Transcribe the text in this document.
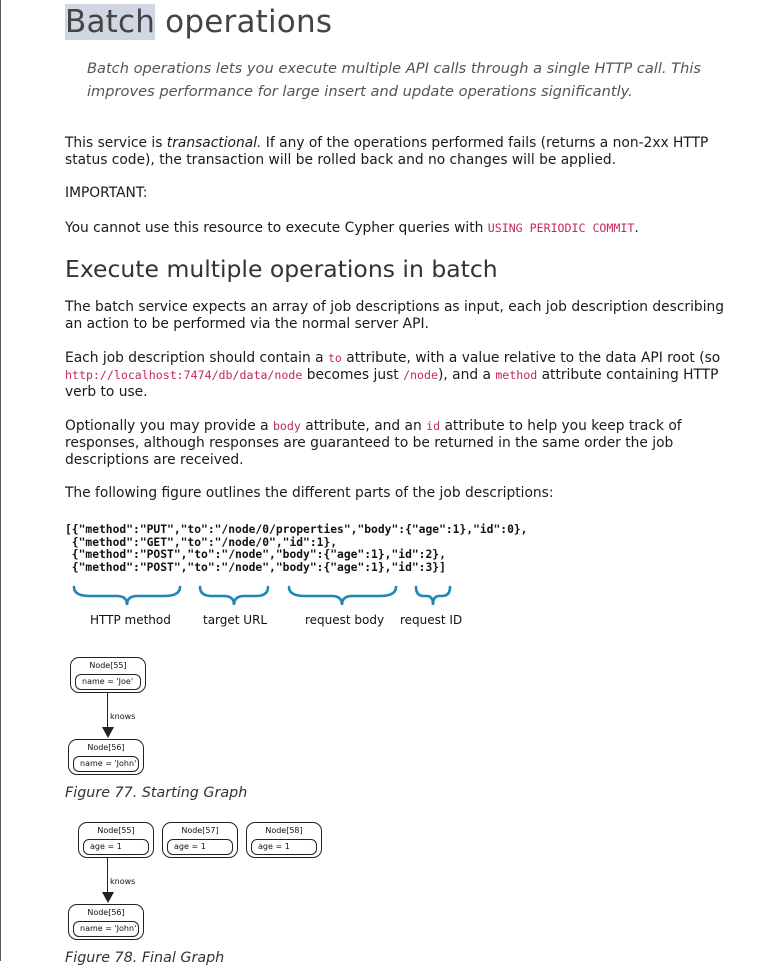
Batch operations

Batch operations lets you execute multiple API calls through a single HTTP call. This improves performance for large insert and update operations significantly.

This service is transactional. If any of the operations performed fails (returns a non-2xx HTTP status code), the transaction will be rolled back and no changes will be applied.

IMPORTANT:

You cannot use this resource to execute Cypher queries with USING PERIODIC COMMIT.

Execute multiple operations in batch

The batch service expects an array of job descriptions as input, each job description describing an action to be performed via the normal server API.

Each job description should contain a to attribute, with a value relative to the data API root (so http://localhost:7474/db/data/node becomes just /node), and a method attribute containing HTTP verb to use.

Optionally you may provide a body attribute, and an id attribute to help you keep track of responses, although responses are guaranteed to be returned in the same order the job descriptions are received.

The following figure outlines the different parts of the job descriptions:

[{"method":"PUT","to":"/node/0/properties","body":{"age":1},"id":0},
{"method":"GET","to":"/node/0","id":1},
{"method":"POST","to":"/node","body":{"age":1},"id":2},
{"method":"POST","to":"/node","body":{"age":1},"id":3}]
HTTP method	target URL	request body request ID
Node[55]
name = 'Joe'
knows
Node[56]
name = 'John'

Figure 77. Starting Graph

Node[55]
age = 1
Node[57]
age = 1
Node[58]
age = 1
knows
Node[56]
name = 'John'

Figure 78. Final Graph
